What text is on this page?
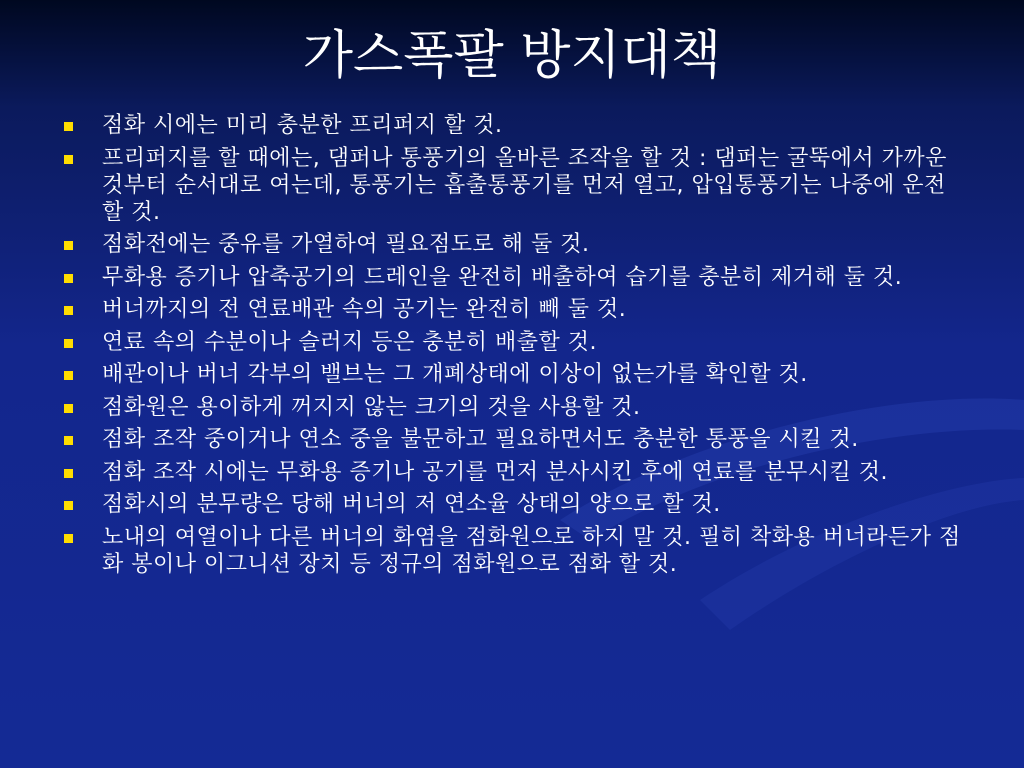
가스폭팔 방지대책
점화 시에는 미리 충분한 프리퍼지 할 것.
프리퍼지를 할 때에는, 댐퍼나 통풍기의 올바른 조작을 할 것 : 댐퍼는 굴뚝에서 가까운 것부터 순서대로 여는데, 통풍기는 흡출통풍기를 먼저 열고, 압입통풍기는 나중에 운전 할 것.
점화전에는 중유를 가열하여 필요점도로 해 둘 것.
무화용 증기나 압축공기의 드레인을 완전히 배출하여 습기를 충분히 제거해 둘 것.
버너까지의 전 연료배관 속의 공기는 완전히 빼 둘 것.
연료 속의 수분이나 슬러지 등은 충분히 배출할 것.
배관이나 버너 각부의 밸브는 그 개폐상태에 이상이 없는가를 확인할 것.
점화원은 용이하게 꺼지지 않는 크기의 것을 사용할 것.
점화 조작 중이거나 연소 중을 불문하고 필요하면서도 충분한 통풍을 시킬 것.
점화 조작 시에는 무화용 증기나 공기를 먼저 분사시킨 후에 연료를 분무시킬 것.
점화시의 분무량은 당해 버너의 저 연소율 상태의 양으로 할 것.
노내의 여열이나 다른 버너의 화염을 점화원으로 하지 말 것. 필히 착화용 버너라든가 점화 봉이나 이그니션 장치 등 정규의 점화원으로 점화 할 것.
